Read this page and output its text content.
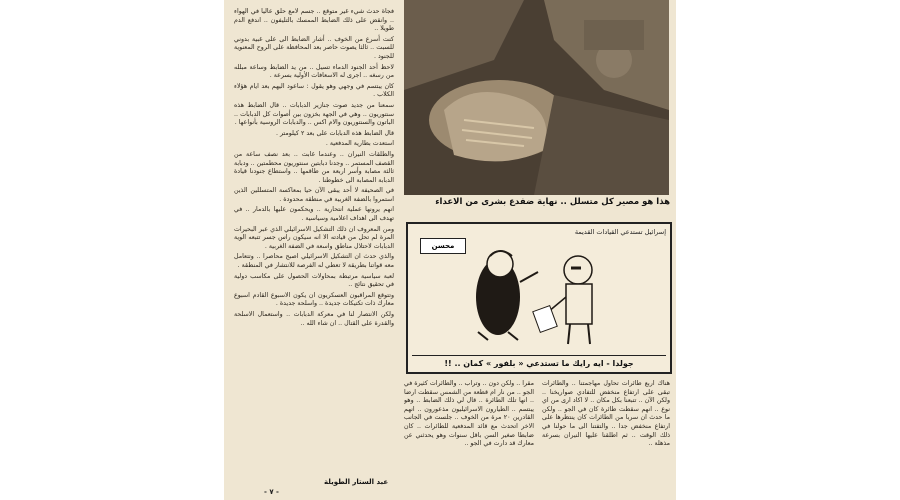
فجأة حدث شيء غير متوقع .. جسم لامع حلق عاليا في الهواء .. وانقض على ذلك الضابط الممسك بالتليفون .. اندفع الدم طويلا ..

كنت أسرع من الخوف .. أشار الضابط الى على غبية بدوني للسبت .. ثالثا يصوت حاصر بعد المحافظة على الروح المعنوية للجنود .

لاحظ أحد الجنود الدماء تسيل .. من يد الضابط وساعة مبلله من رسغه .. اجرى له الاسعافات الأولية بسرعة .

كان يبتسم في وجهي وهو يقول : ساعود اليهم بعد ايام هؤلاء الكلاب .

سمعنا من جديد صوت جنازير الدبابات .. قال الضابط هذه سنتوريون .. وهي في الجهة بخزون بين أصوات كل الدبابات .. الباتون والسنتوريون والام اكس .. والدبابات الروسية بأنواعها .

قال الضابط هذه الدبابات على بعد ٢ كيلومتر .

استعدت بطارية المدفعية .

والطلقات النيران .. وعندما غابت .. بعد نصف ساعة من القصف المستمر .. وجدنا دبابتين سنتوريون محطمتين .. ودبابة ثالثة مصابة وأسر اربعة من طاقمها .. واستطاع جنودنا قيادة الدبابة المصابة الى خطوطنا .

في الصحيفة لا أحد يبقى الآن حيا بمعاكسة المتسللين الذين استمروا بالضفة الغربية في منطقة محدودة .

انهم يرونها عملية انتحارية .. ويحكمون عليها بالدمار .. في تهدف الى اهداف اعلامية وسياسية .

ومن المعروف ان ذلك التشكيل الاسرائيلي الذي عبر البحيرات المرة لم تحل من قيادته الا انه سيكون راس جسر تتبعه الوية الدبابات لاحتلال مناطق واسعة في الضفة الغربية .

والذي حدث ان التشكيل الاسرائيلي اصبح محاصرا .. وتتعامل معه قواتنا بطريقة لا تعطي له الفرصة للانتشار في المنطقة .

لعبة سياسية مرتبطة بمحاولات الحصول على مكاسب دولية في تحقيق نتائج ..

وتتوقع المراقبون العسكريون ان يكون الاسبوع القادم اسبوع معارك ذات تكتيكات جديدة .. واسلحة جديدة .

ولكن الانتصار لنا في معركة الدبابات .. واستعمال الاسلحة والقدرة على القتال .. ان شاء الله ..

هذا هو مصير كل متسلل .. نهاية ضفدع بشرى من الاعداء
إسرائيل تستدعي القيادات القديمة
محسن
جولدا - ايه رايك ما تستدعي « بلفور » كمان .. !!
مقرا .. ولكن دون .. وتراب .. والطائرات كثيرة في الجو .. من نار ام قطعة من الشمس سقطت ارضا .. انها تلك الطائرة .. قال لي ذلك الضابط .. وهو يبتسم .. الطيارون الاسرائيليون مذعورون .. انهم القادرين ٢٠ مرة من الخوف .. جلست في الجانب الاخر اتحدث مع قائد المدفعية للطائرات .. كان ضابطا صغير السن باقل سنوات وهو يحدثني عن معارك قد دارت في الجو ..
هناك اربع طائرات تحاول مهاجمتنا .. والطائرات تبقى على ارتفاع منخفض للتفادي صواريخنا .. ولكن الآن .. تتبعنا بكل مكان .. لا اكاد ارى من اي نوع .. انهم سقطت طائرة كان في الجو .. ولكن ما حدث ان سربا من الطائرات كان ينتظرها على ارتفاع منخفض جدا .. والتفتنا الى ما حولنا في ذلك الوقت .. ثم اطلقنا عليها النيران بسرعة مذهلة ..
عبد الستار الطويلة
- ٧ -
